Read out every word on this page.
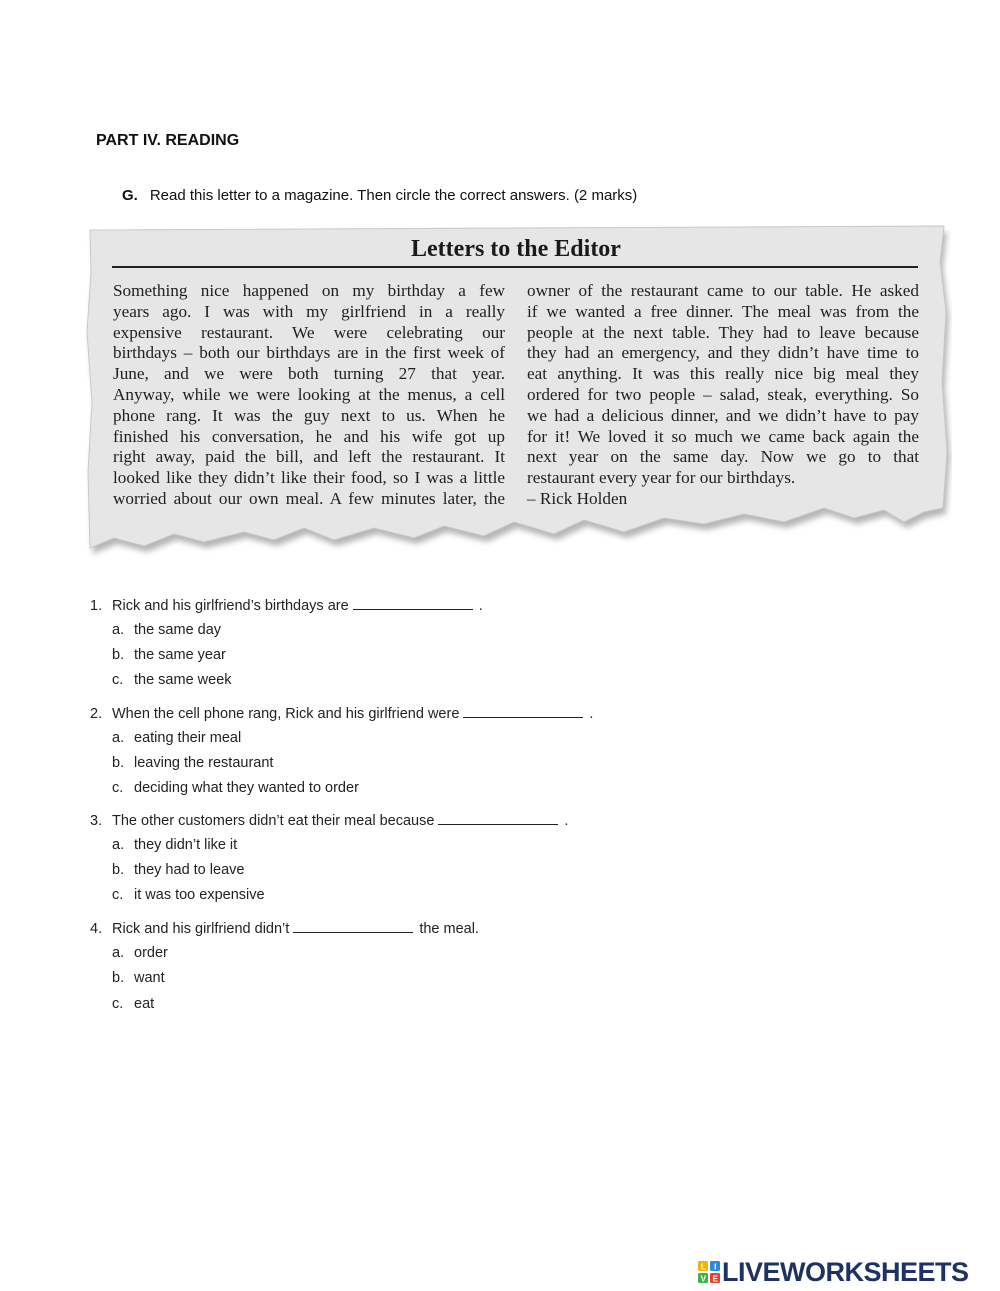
PART IV. READING
G. Read this letter to a magazine. Then circle the correct answers. (2 marks)
Letters to the Editor
Something nice happened on my birthday a few
years ago. I was with my girlfriend in a really
expensive restaurant. We were celebrating our
birthdays – both our birthdays are in the first week of
June, and we were both turning 27 that year.
Anyway, while we were looking at the menus, a cell
phone rang. It was the guy next to us. When he
finished his conversation, he and his wife got up
right away, paid the bill, and left the restaurant. It
looked like they didn’t like their food, so I was a little
worried about our own meal. A few minutes later, the
owner of the restaurant came to our table. He asked
if we wanted a free dinner. The meal was from the
people at the next table. They had to leave because
they had an emergency, and they didn’t have time to
eat anything. It was this really nice big meal they
ordered for two people – salad, steak, everything. So
we had a delicious dinner, and we didn’t have to pay
for it! We loved it so much we came back again the
next year on the same day. Now we go to that
restaurant every year for our birthdays.
– Rick Holden
1. Rick and his girlfriend’s birthdays are	.
a. the same day
b. the same year
c. the same week
2. When the cell phone rang, Rick and his girlfriend were	.
a. eating their meal
b. leaving the restaurant
c. deciding what they wanted to order
3. The other customers didn’t eat their meal because	.
a. they didn’t like it
b. they had to leave
c. it was too expensive
4. Rick and his girlfriend didn’t	the meal.
a. order
b. want
c. eat
L I
V E LIVEWORKSHEETS
